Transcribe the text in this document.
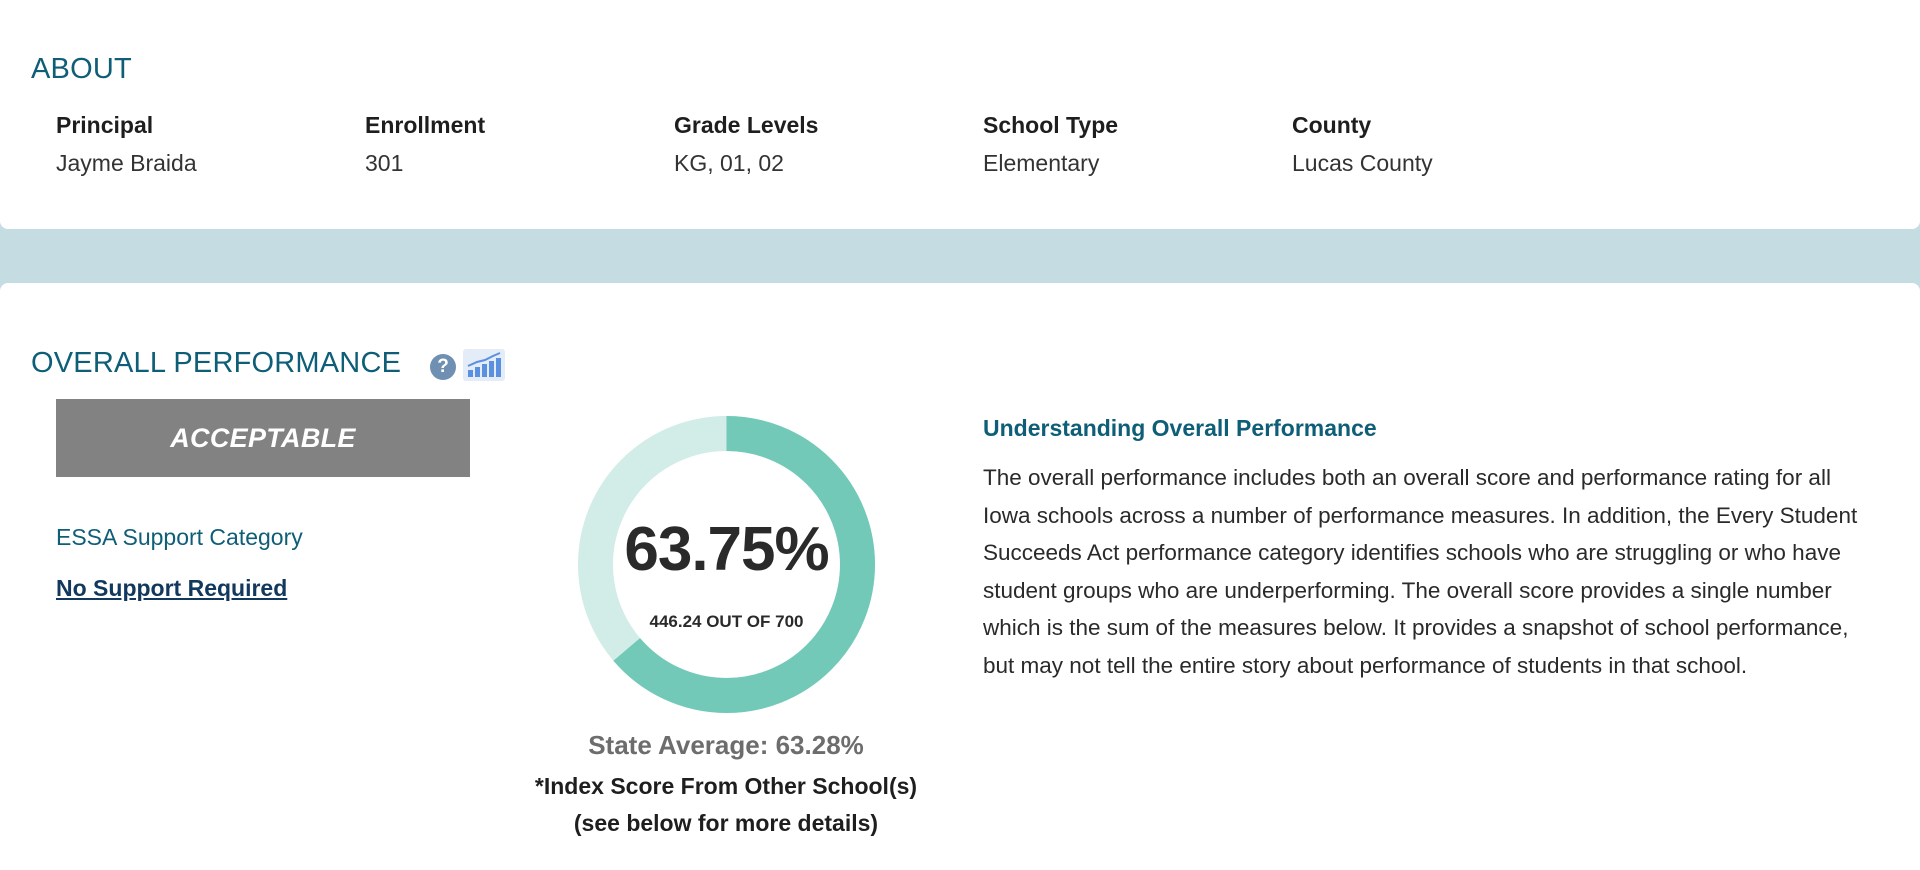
ABOUT
Principal
Jayme Braida
Enrollment
301
Grade Levels
KG, 01, 02
School Type
Elementary
County
Lucas County
OVERALL PERFORMANCE	?
ACCEPTABLE
ESSA Support Category
No Support Required
63.75%
446.24 OUT OF 700
State Average: 63.28%
*Index Score From Other School(s)
(see below for more details)
Understanding Overall Performance

The overall performance includes both an overall score and performance rating for all Iowa schools across a number of performance measures. In addition, the Every Student Succeeds Act performance category identifies schools who are struggling or who have student groups who are underperforming. The overall score provides a single number which is the sum of the measures below. It provides a snapshot of school performance, but may not tell the entire story about performance of students in that school.
